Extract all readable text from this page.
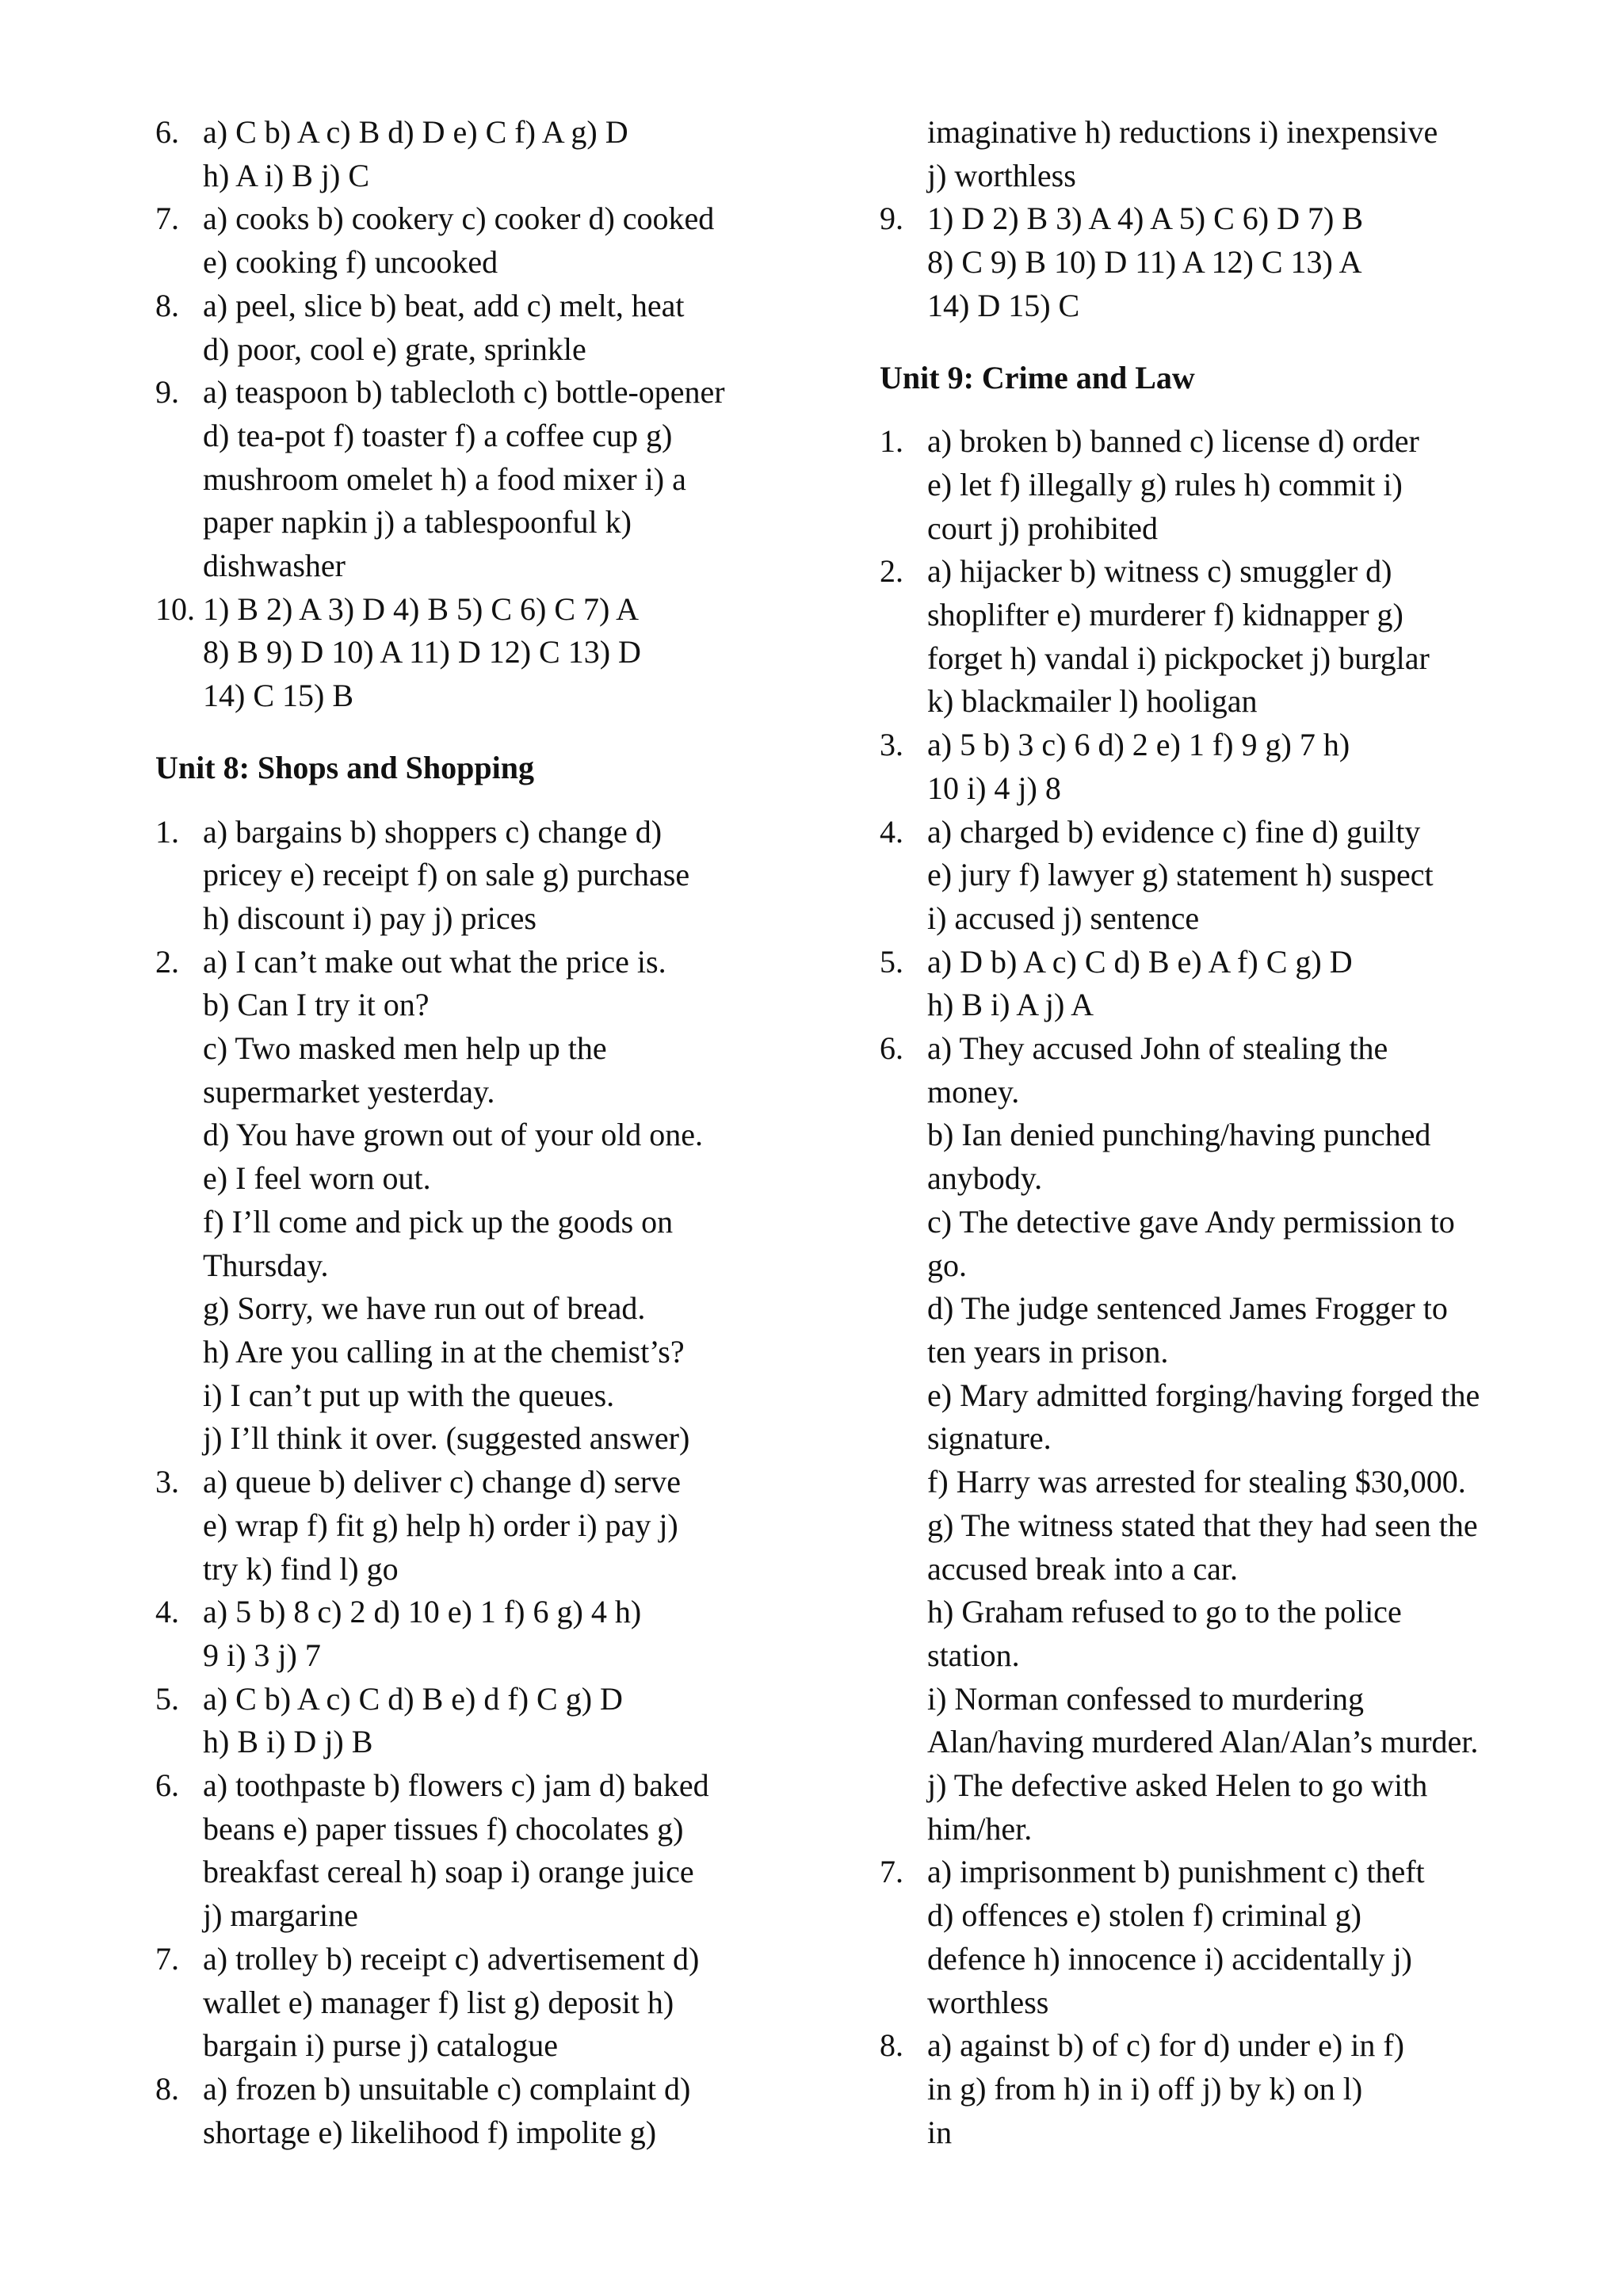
6. a) C b) A c) B d) D e) C f) A g) D
h) A i) B j) C
7. a) cooks b) cookery c) cooker d) cooked
e) cooking f) uncooked
8. a) peel, slice b) beat, add c) melt, heat
d) poor, cool e) grate, sprinkle
9. a) teaspoon b) tablecloth c) bottle-opener
d) tea-pot f) toaster f) a coffee cup g)
mushroom omelet h) a food mixer i) a
paper napkin j) a tablespoonful k)
dishwasher
10. 1) B 2) A 3) D 4) B 5) C 6) C 7) A
8) B 9) D 10) A 11) D 12) C 13) D
14) C 15) B
Unit 8: Shops and Shopping
1. a) bargains b) shoppers c) change d)
pricey e) receipt f) on sale g) purchase
h) discount i) pay j) prices
2. a) I can’t make out what the price is.
b) Can I try it on?
c) Two masked men help up the
supermarket yesterday.
d) You have grown out of your old one.
e) I feel worn out.
f) I’ll come and pick up the goods on
Thursday.
g) Sorry, we have run out of bread.
h) Are you calling in at the chemist’s?
i) I can’t put up with the queues.
j) I’ll think it over. (suggested answer)
3. a) queue b) deliver c) change d) serve
e) wrap f) fit g) help h) order i) pay j)
try k) find l) go
4. a) 5 b) 8 c) 2 d) 10 e) 1 f) 6 g) 4 h)
9 i) 3 j) 7
5. a) C b) A c) C d) B e) d f) C g) D
h) B i) D j) B
6. a) toothpaste b) flowers c) jam d) baked
beans e) paper tissues f) chocolates g)
breakfast cereal h) soap i) orange juice
j) margarine
7. a) trolley b) receipt c) advertisement d)
wallet e) manager f) list g) deposit h)
bargain i) purse j) catalogue
8. a) frozen b) unsuitable c) complaint d)
shortage e) likelihood f) impolite g)
imaginative h) reductions i) inexpensive
j) worthless
9. 1) D 2) B 3) A 4) A 5) C 6) D 7) B
8) C 9) B 10) D 11) A 12) C 13) A
14) D 15) C
Unit 9: Crime and Law
1. a) broken b) banned c) license d) order
e) let f) illegally g) rules h) commit i)
court j) prohibited
2. a) hijacker b) witness c) smuggler d)
shoplifter e) murderer f) kidnapper g)
forget h) vandal i) pickpocket j) burglar
k) blackmailer l) hooligan
3. a) 5 b) 3 c) 6 d) 2 e) 1 f) 9 g) 7 h)
10 i) 4 j) 8
4. a) charged b) evidence c) fine d) guilty
e) jury f) lawyer g) statement h) suspect
i) accused j) sentence
5. a) D b) A c) C d) B e) A f) C g) D
h) B i) A j) A
6. a) They accused John of stealing the
money.
b) Ian denied punching/having punched
anybody.
c) The detective gave Andy permission to
go.
d) The judge sentenced James Frogger to
ten years in prison.
e) Mary admitted forging/having forged the
signature.
f) Harry was arrested for stealing $30,000.
g) The witness stated that they had seen the
accused break into a car.
h) Graham refused to go to the police
station.
i) Norman confessed to murdering
Alan/having murdered Alan/Alan’s murder.
j) The defective asked Helen to go with
him/her.
7. a) imprisonment b) punishment c) theft
d) offences e) stolen f) criminal g)
defence h) innocence i) accidentally j)
worthless
8. a) against b) of c) for d) under e) in f)
in g) from h) in i) off j) by k) on l)
in
